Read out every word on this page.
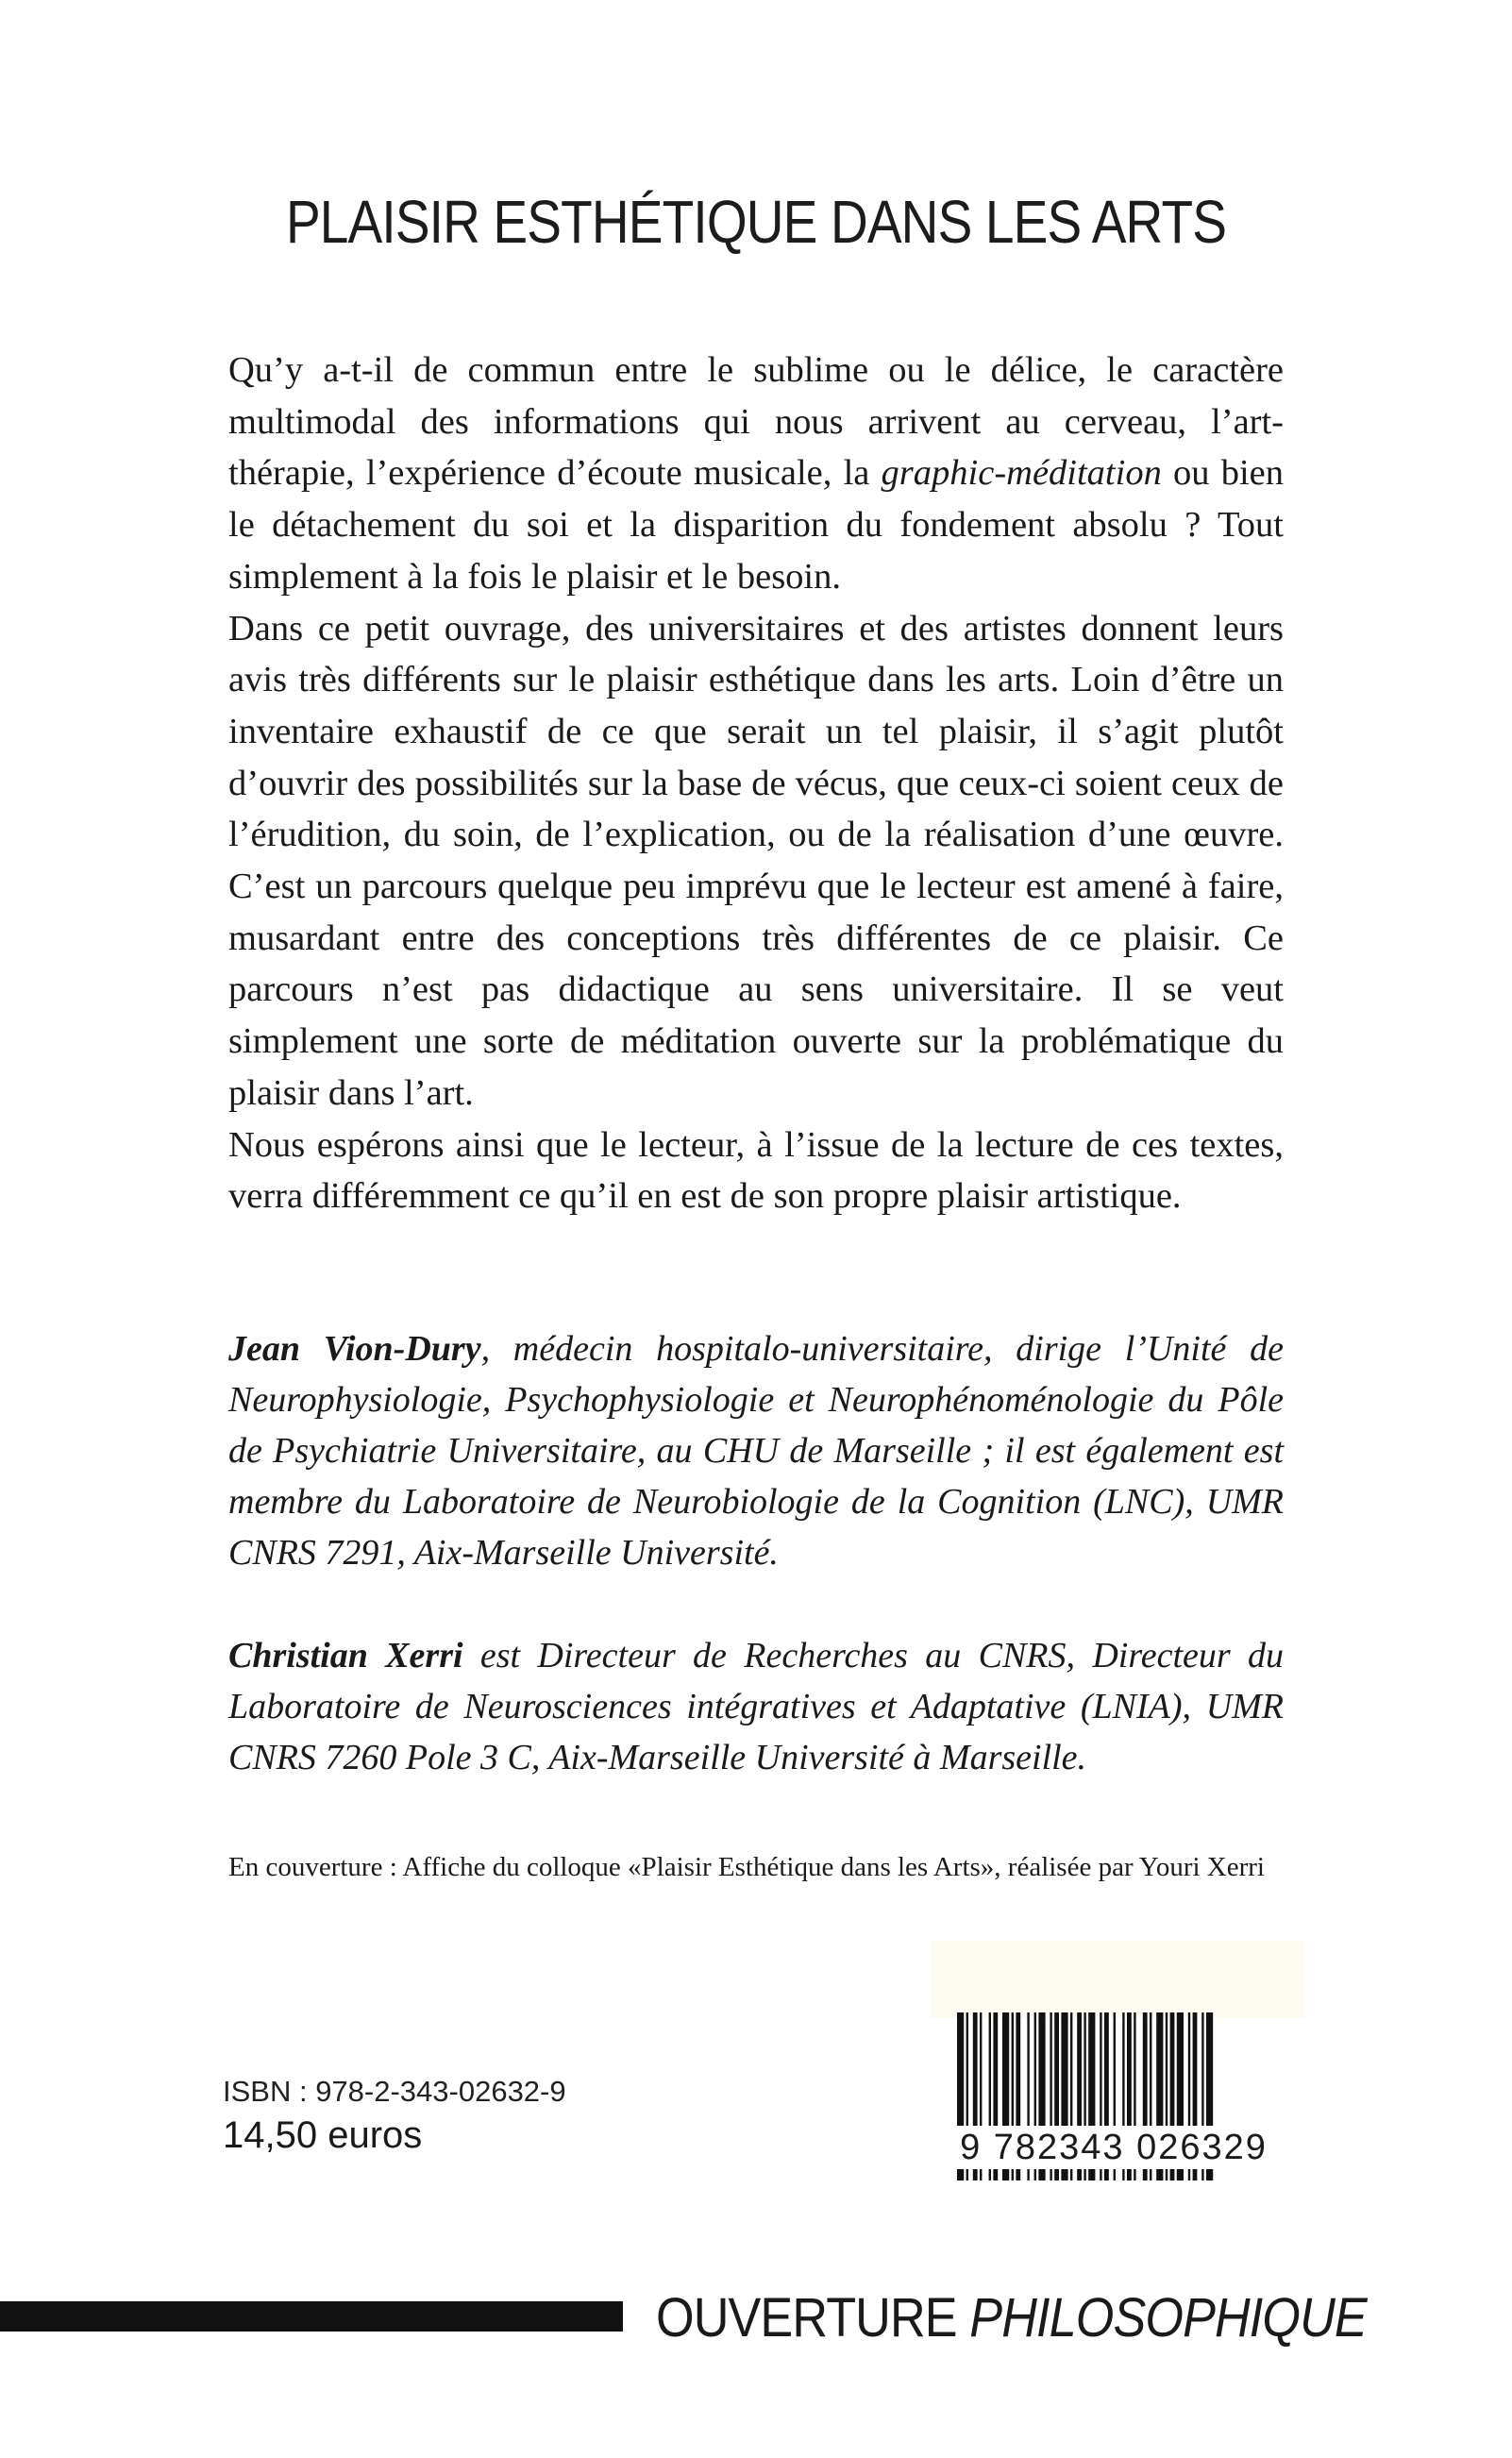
PLAISIR ESTHÉTIQUE DANS LES ARTS

Qu’y a-t-il de commun entre le sublime ou le délice, le caractère multimodal des informations qui nous arrivent au cerveau, l’art-thérapie, l’expérience d’écoute musicale, la graphic-méditation ou bien le détachement du soi et la disparition du fondement absolu ? Tout simplement à la fois le plaisir et le besoin.

Dans ce petit ouvrage, des universitaires et des artistes donnent leurs avis très différents sur le plaisir esthétique dans les arts. Loin d’être un inventaire exhaustif de ce que serait un tel plaisir, il s’agit plutôt d’ouvrir des possibilités sur la base de vécus, que ceux-ci soient ceux de l’érudition, du soin, de l’explication, ou de la réalisation d’une œuvre. C’est un parcours quelque peu imprévu que le lecteur est amené à faire, musardant entre des conceptions très différentes de ce plaisir. Ce parcours n’est pas didactique au sens universitaire. Il se veut simplement une sorte de méditation ouverte sur la problématique du plaisir dans l’art.

Nous espérons ainsi que le lecteur, à l’issue de la lecture de ces textes, verra différemment ce qu’il en est de son propre plaisir artistique.

Jean Vion-Dury, médecin hospitalo-universitaire, dirige l’Unité de Neurophysiologie, Psychophysiologie et Neurophénoménologie du Pôle de Psychiatrie Universitaire, au CHU de Marseille ; il est également est membre du Laboratoire de Neurobiologie de la Cognition (LNC), UMR CNRS 7291, Aix-Marseille Université.
Christian Xerri est Directeur de Recherches au CNRS, Directeur du Laboratoire de Neurosciences intégratives et Adaptative (LNIA), UMR CNRS 7260 Pole 3 C, Aix-Marseille Université à Marseille.
En couverture : Affiche du colloque «Plaisir Esthétique dans les Arts», réalisée par Youri Xerri
9 782343 026329
ISBN : 978-2-343-02632-9
14,50 euros
OUVERTURE PHILOSOPHIQUE
